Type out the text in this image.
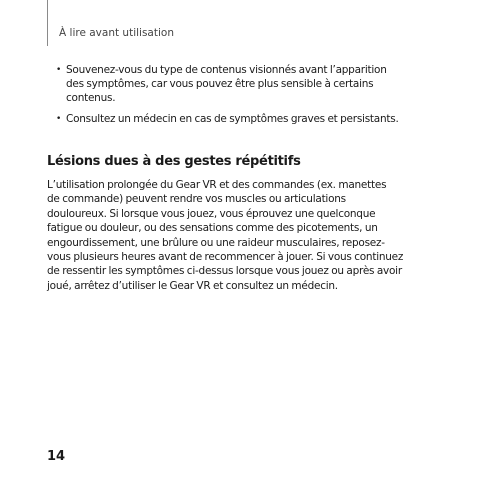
À lire avant utilisation
• Souvenez-vous du type de contenus visionnés avant l’apparition
des symptômes, car vous pouvez être plus sensible à certains
contenus.
• Consultez un médecin en cas de symptômes graves et persistants.
Lésions dues à des gestes répétitifs
L’utilisation prolongée du Gear VR et des commandes (ex. manettes
de commande) peuvent rendre vos muscles ou articulations
douloureux. Si lorsque vous jouez, vous éprouvez une quelconque
fatigue ou douleur, ou des sensations comme des picotements, un
engourdissement, une brûlure ou une raideur musculaires, reposez-
vous plusieurs heures avant de recommencer à jouer. Si vous continuez
de ressentir les symptômes ci-dessus lorsque vous jouez ou après avoir
joué, arrêtez d’utiliser le Gear VR et consultez un médecin.
14
